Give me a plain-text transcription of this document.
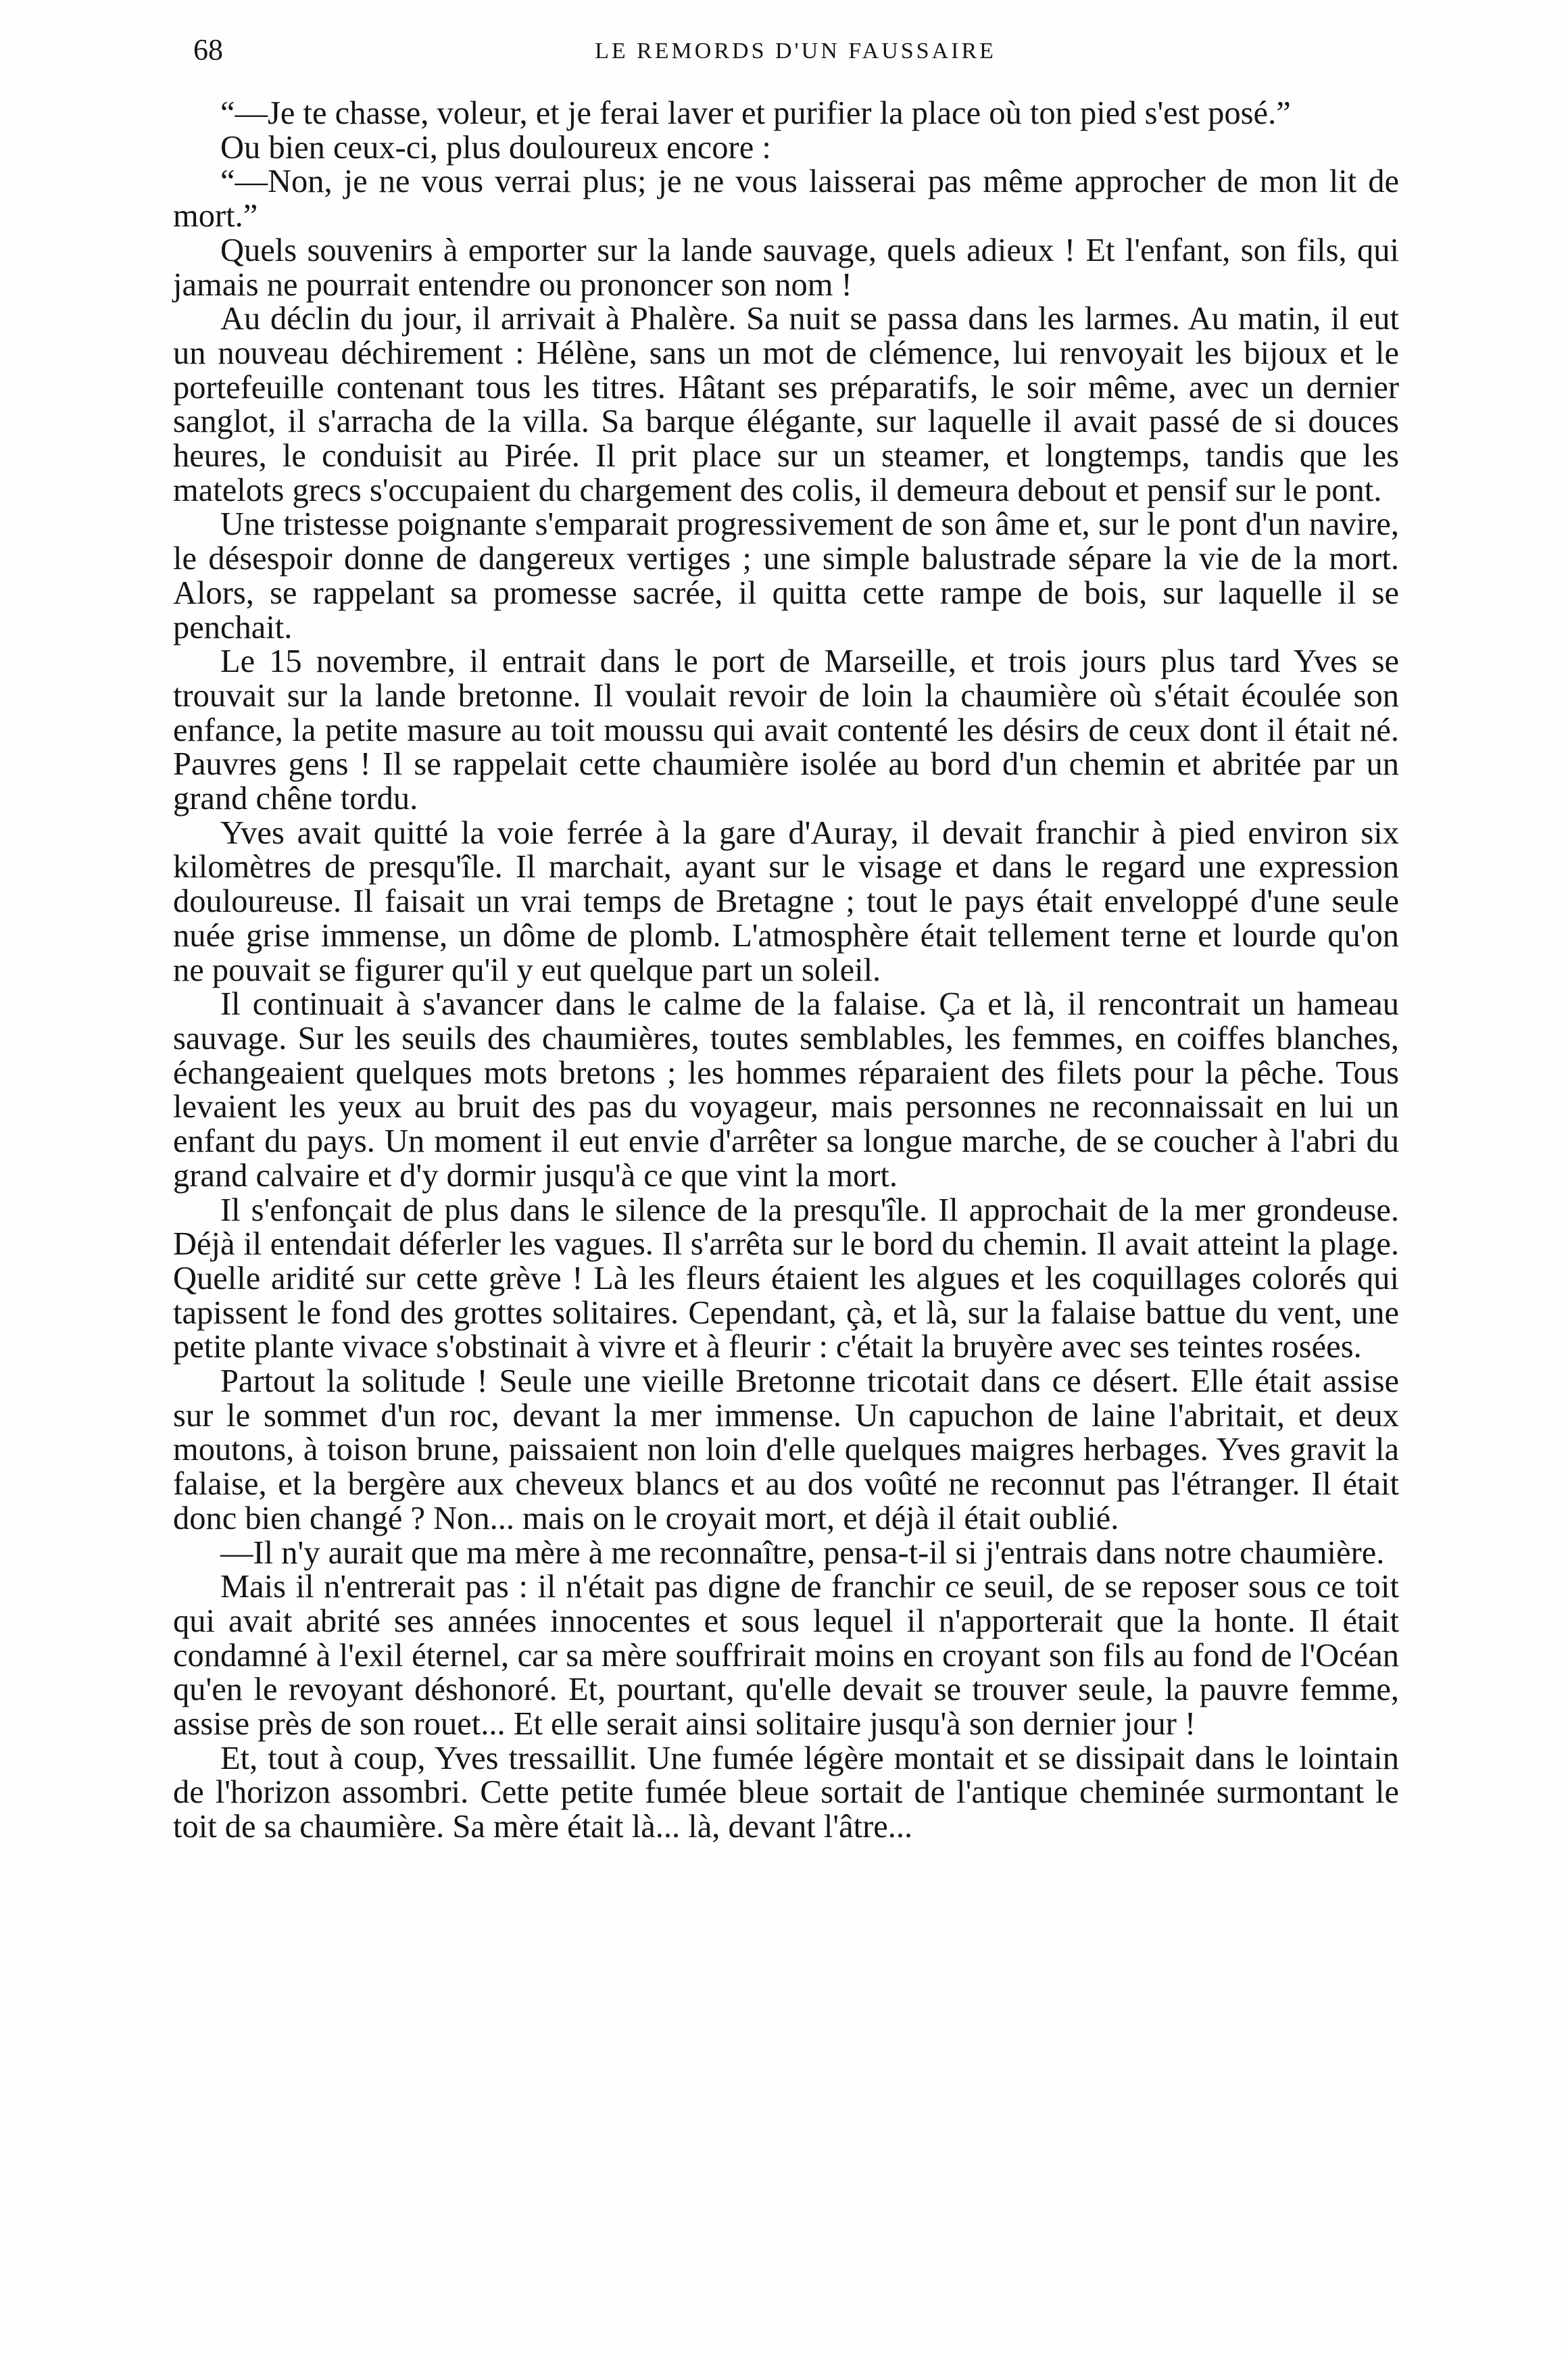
68	LE REMORDS D'UN FAUSSAIRE

“—Je te chasse, voleur, et je ferai laver et purifier la place où ton pied s'est posé.”

Ou bien ceux-ci, plus douloureux encore :

“—Non, je ne vous verrai plus; je ne vous laisserai pas même approcher de mon lit de mort.”

Quels souvenirs à emporter sur la lande sauvage, quels adieux ! Et l'enfant, son fils, qui jamais ne pourrait entendre ou prononcer son nom !

Au déclin du jour, il arrivait à Phalère. Sa nuit se passa dans les larmes. Au matin, il eut un nouveau déchirement : Hélène, sans un mot de clémence, lui renvoyait les bijoux et le portefeuille contenant tous les titres. Hâtant ses préparatifs, le soir même, avec un dernier sanglot, il s'arracha de la villa. Sa barque élégante, sur laquelle il avait passé de si douces heures, le conduisit au Pirée. Il prit place sur un steamer, et longtemps, tandis que les matelots grecs s'occupaient du chargement des colis, il demeura debout et pensif sur le pont.

Une tristesse poignante s'emparait progressivement de son âme et, sur le pont d'un navire, le désespoir donne de dangereux vertiges ; une simple balustrade sépare la vie de la mort. Alors, se rappelant sa promesse sacrée, il quitta cette rampe de bois, sur laquelle il se penchait.

Le 15 novembre, il entrait dans le port de Marseille, et trois jours plus tard Yves se trouvait sur la lande bretonne. Il voulait revoir de loin la chaumière où s'était écoulée son enfance, la petite masure au toit moussu qui avait contenté les désirs de ceux dont il était né. Pauvres gens ! Il se rappelait cette chaumière isolée au bord d'un chemin et abritée par un grand chêne tordu.

Yves avait quitté la voie ferrée à la gare d'Auray, il devait franchir à pied environ six kilomètres de presqu'île. Il marchait, ayant sur le visage et dans le regard une expression douloureuse. Il faisait un vrai temps de Bretagne ; tout le pays était enveloppé d'une seule nuée grise immense, un dôme de plomb. L'atmosphère était tellement terne et lourde qu'on ne pouvait se figurer qu'il y eut quelque part un soleil.

Il continuait à s'avancer dans le calme de la falaise. Ça et là, il rencontrait un hameau sauvage. Sur les seuils des chaumières, toutes semblables, les femmes, en coiffes blanches, échangeaient quelques mots bretons ; les hommes réparaient des filets pour la pêche. Tous levaient les yeux au bruit des pas du voyageur, mais personnes ne reconnaissait en lui un enfant du pays. Un moment il eut envie d'arrêter sa longue marche, de se coucher à l'abri du grand calvaire et d'y dormir jusqu'à ce que vint la mort.

Il s'enfonçait de plus dans le silence de la presqu'île. Il approchait de la mer grondeuse. Déjà il entendait déferler les vagues. Il s'arrêta sur le bord du chemin. Il avait atteint la plage. Quelle aridité sur cette grève ! Là les fleurs étaient les algues et les coquillages colorés qui tapissent le fond des grottes solitaires. Cependant, çà, et là, sur la falaise battue du vent, une petite plante vivace s'obstinait à vivre et à fleurir : c'était la bruyère avec ses teintes rosées.

Partout la solitude ! Seule une vieille Bretonne tricotait dans ce désert. Elle était assise sur le sommet d'un roc, devant la mer immense. Un capuchon de laine l'abritait, et deux moutons, à toison brune, paissaient non loin d'elle quelques maigres herbages. Yves gravit la falaise, et la bergère aux cheveux blancs et au dos voûté ne reconnut pas l'étranger. Il était donc bien changé ? Non... mais on le croyait mort, et déjà il était oublié.

—Il n'y aurait que ma mère à me reconnaître, pensa-t-il si j'entrais dans notre chaumière.

Mais il n'entrerait pas : il n'était pas digne de franchir ce seuil, de se reposer sous ce toit qui avait abrité ses années innocentes et sous lequel il n'apporterait que la honte. Il était condamné à l'exil éternel, car sa mère souffrirait moins en croyant son fils au fond de l'Océan qu'en le revoyant déshonoré. Et, pourtant, qu'elle devait se trouver seule, la pauvre femme, assise près de son rouet... Et elle serait ainsi solitaire jusqu'à son dernier jour !

Et, tout à coup, Yves tressaillit. Une fumée légère montait et se dissipait dans le lointain de l'horizon assombri. Cette petite fumée bleue sortait de l'antique cheminée surmontant le toit de sa chaumière. Sa mère était là... là, devant l'âtre...
